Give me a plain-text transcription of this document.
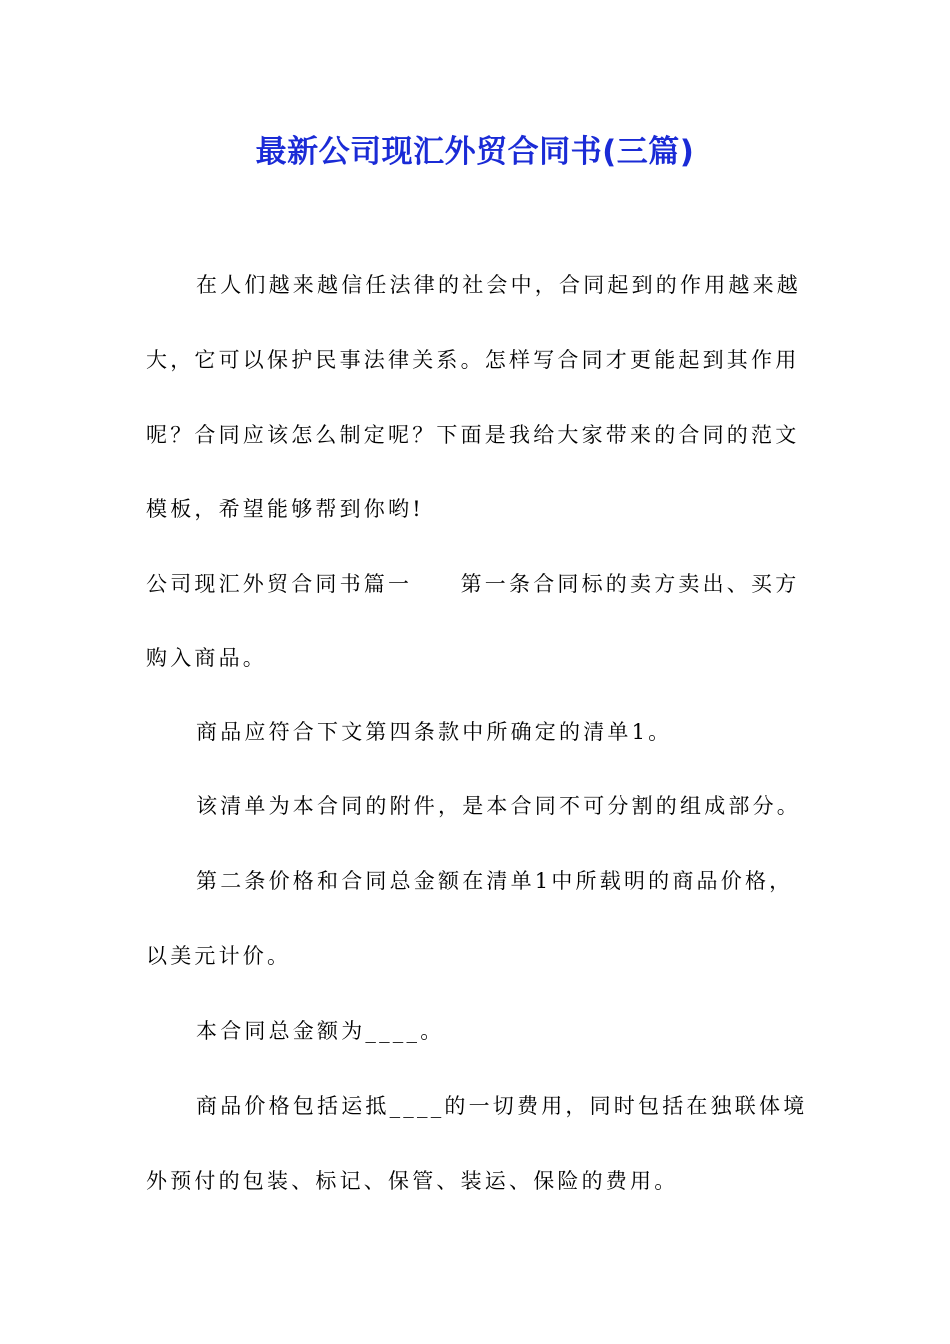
最新公司现汇外贸合同书(三篇)
在人们越来越信任法律的社会中，合同起到的作用越来越
大，它可以保护民事法律关系。怎样写合同才更能起到其作用
呢？合同应该怎么制定呢？下面是我给大家带来的合同的范文
模板，希望能够帮到你哟!
公司现汇外贸合同书篇一　　第一条合同标的卖方卖出、买方
购入商品。
商品应符合下文第四条款中所确定的清单1。
该清单为本合同的附件，是本合同不可分割的组成部分。
第二条价格和合同总金额在清单1中所载明的商品价格，
以美元计价。
本合同总金额为____。
商品价格包括运抵____的一切费用，同时包括在独联体境
外预付的包装、标记、保管、装运、保险的费用。
